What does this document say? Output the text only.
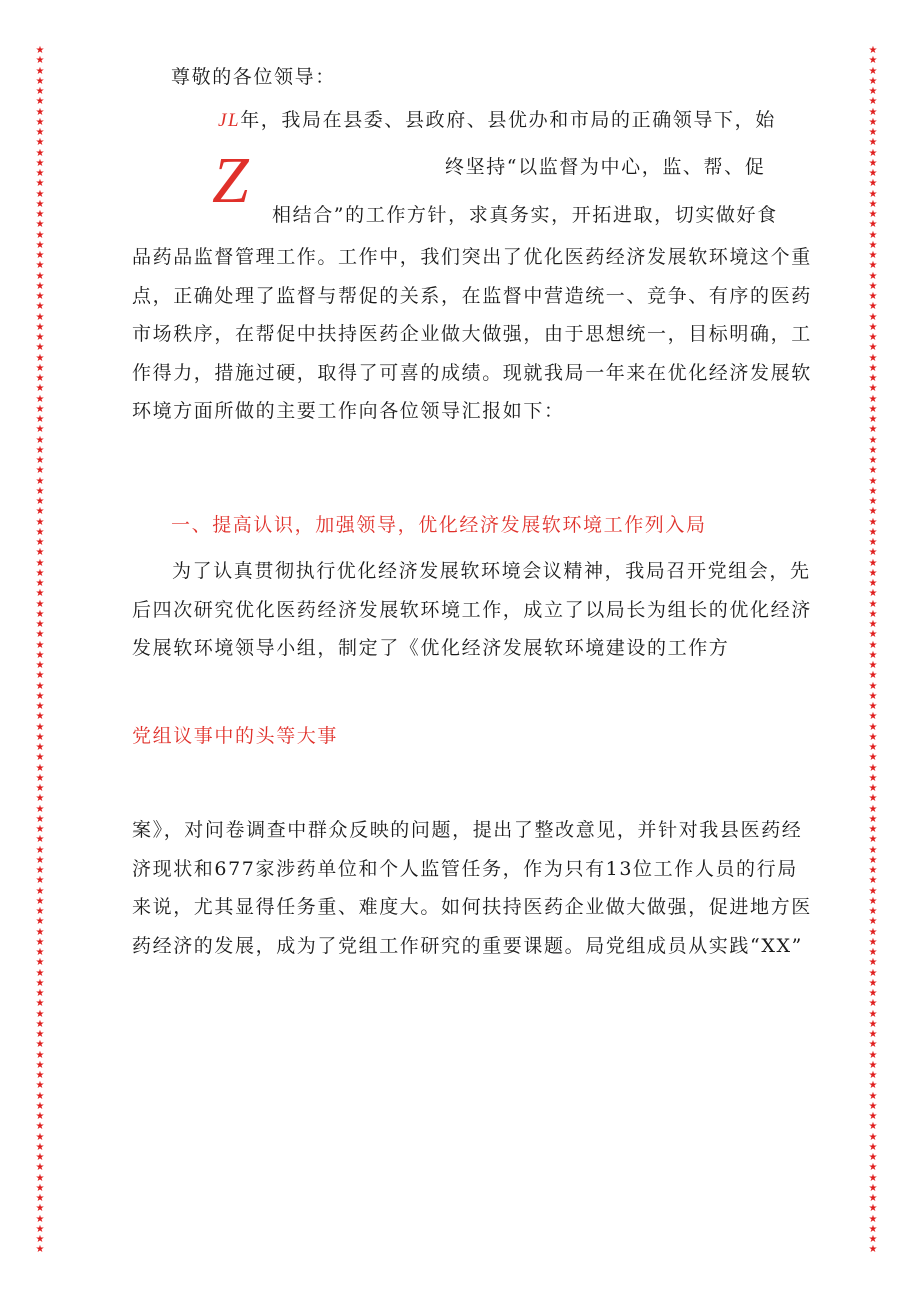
★★★★★★★★★★★★★★★★★★★★★★★★★★★★★★★★★★★★★★★★★★★★★★★★★★★★★★★★★★★★★★★★★★★★★★★★★★★★★★★★★★★★★★★★★★★★★★★★★★★★★★★★★★★★★★★★★★★★★★
★★★★★★★★★★★★★★★★★★★★★★★★★★★★★★★★★★★★★★★★★★★★★★★★★★★★★★★★★★★★★★★★★★★★★★★★★★★★★★★★★★★★★★★★★★★★★★★★★★★★★★★★★★★★★★★★★★★★★★

尊敬的各位领导：

JL年，我局在县委、县政府、县优办和市局的正确领导下，始

终坚持“以监督为中心，监、帮、促

Z 相结合”的工作方针，求真务实，开拓进取，切实做好食

品药品监督管理工作。工作中，我们突出了优化医药经济发展软环境这个重点，正确处理了监督与帮促的关系，在监督中营造统一、竞争、有序的医药市场秩序，在帮促中扶持医药企业做大做强，由于思想统一，目标明确，工作得力，措施过硬，取得了可喜的成绩。现就我局一年来在优化经济发展软环境方面所做的主要工作向各位领导汇报如下：

一、提高认识，加强领导，优化经济发展软环境工作列入局

为了认真贯彻执行优化经济发展软环境会议精神，我局召开党组会，先后四次研究优化医药经济发展软环境工作，成立了以局长为组长的优化经济发展软环境领导小组，制定了《优化经济发展软环境建设的工作方

党组议事中的头等大事

案》，对问卷调查中群众反映的问题，提出了整改意见，并针对我县医药经济现状和677家涉药单位和个人监管任务，作为只有13位工作人员的行局来说，尤其显得任务重、难度大。如何扶持医药企业做大做强，促进地方医药经济的发展，成为了党组工作研究的重要课题。局党组成员从实践“XX”
